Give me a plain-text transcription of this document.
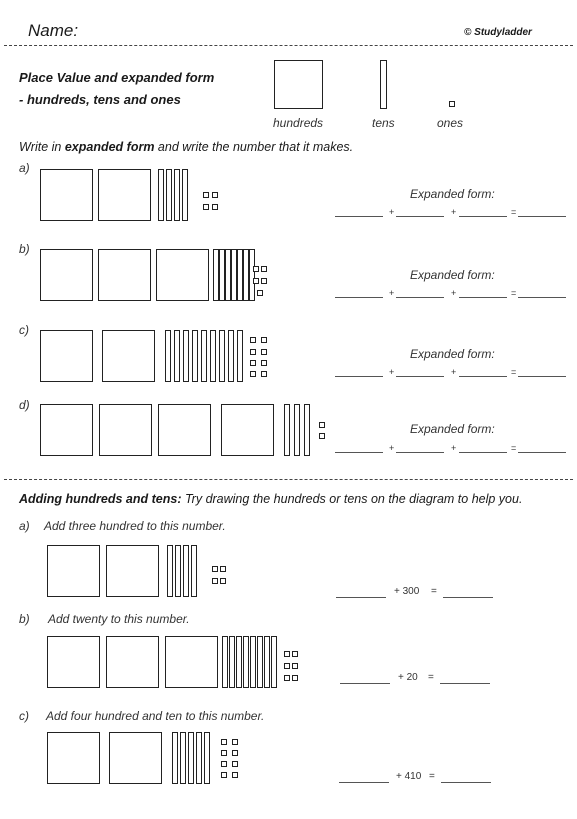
Name:	© Studyladder
Place Value and expanded form
- hundreds, tens and ones
hundreds	tens	ones
Write in expanded form and write the number that it makes.
a)
Expanded form:
+	+	=
b)
Expanded form:
+	+	=
c)
Expanded form:
+	+	=
d)
Expanded form:
+	+	=
Adding hundreds and tens: Try drawing the hundreds or tens on the diagram to help you.
a) Add three hundred to this number.
+ 300 =
b) Add twenty to this number.
+ 20 =
c) Add four hundred and ten to this number.
+ 410 =
